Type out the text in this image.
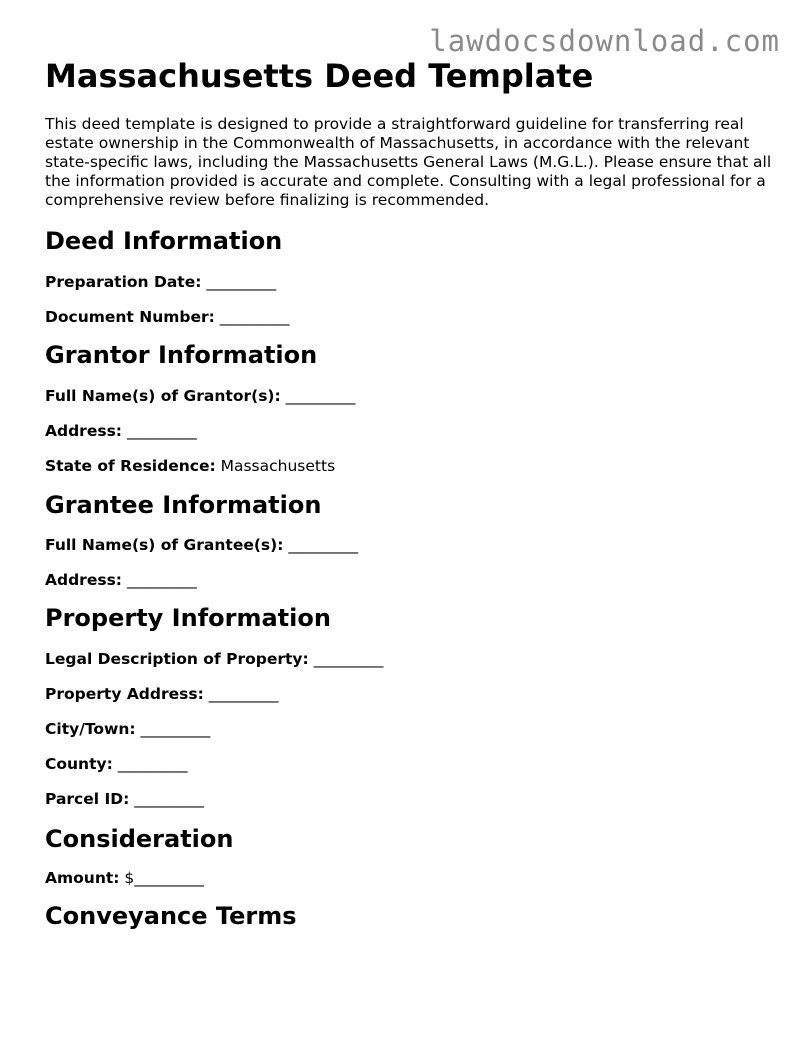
lawdocsdownload.com
Massachusetts Deed Template

This deed template is designed to provide a straightforward guideline for transferring real estate ownership in the Commonwealth of Massachusetts, in accordance with the relevant state-specific laws, including the Massachusetts General Laws (M.G.L.). Please ensure that all the information provided is accurate and complete. Consulting with a legal professional for a comprehensive review before finalizing is recommended.

Deed Information

Preparation Date: _________

Document Number: _________

Grantor Information

Full Name(s) of Grantor(s): _________

Address: _________

State of Residence: Massachusetts

Grantee Information

Full Name(s) of Grantee(s): _________

Address: _________

Property Information

Legal Description of Property: _________

Property Address: _________

City/Town: _________

County: _________

Parcel ID: _________

Consideration

Amount: $_________

Conveyance Terms
